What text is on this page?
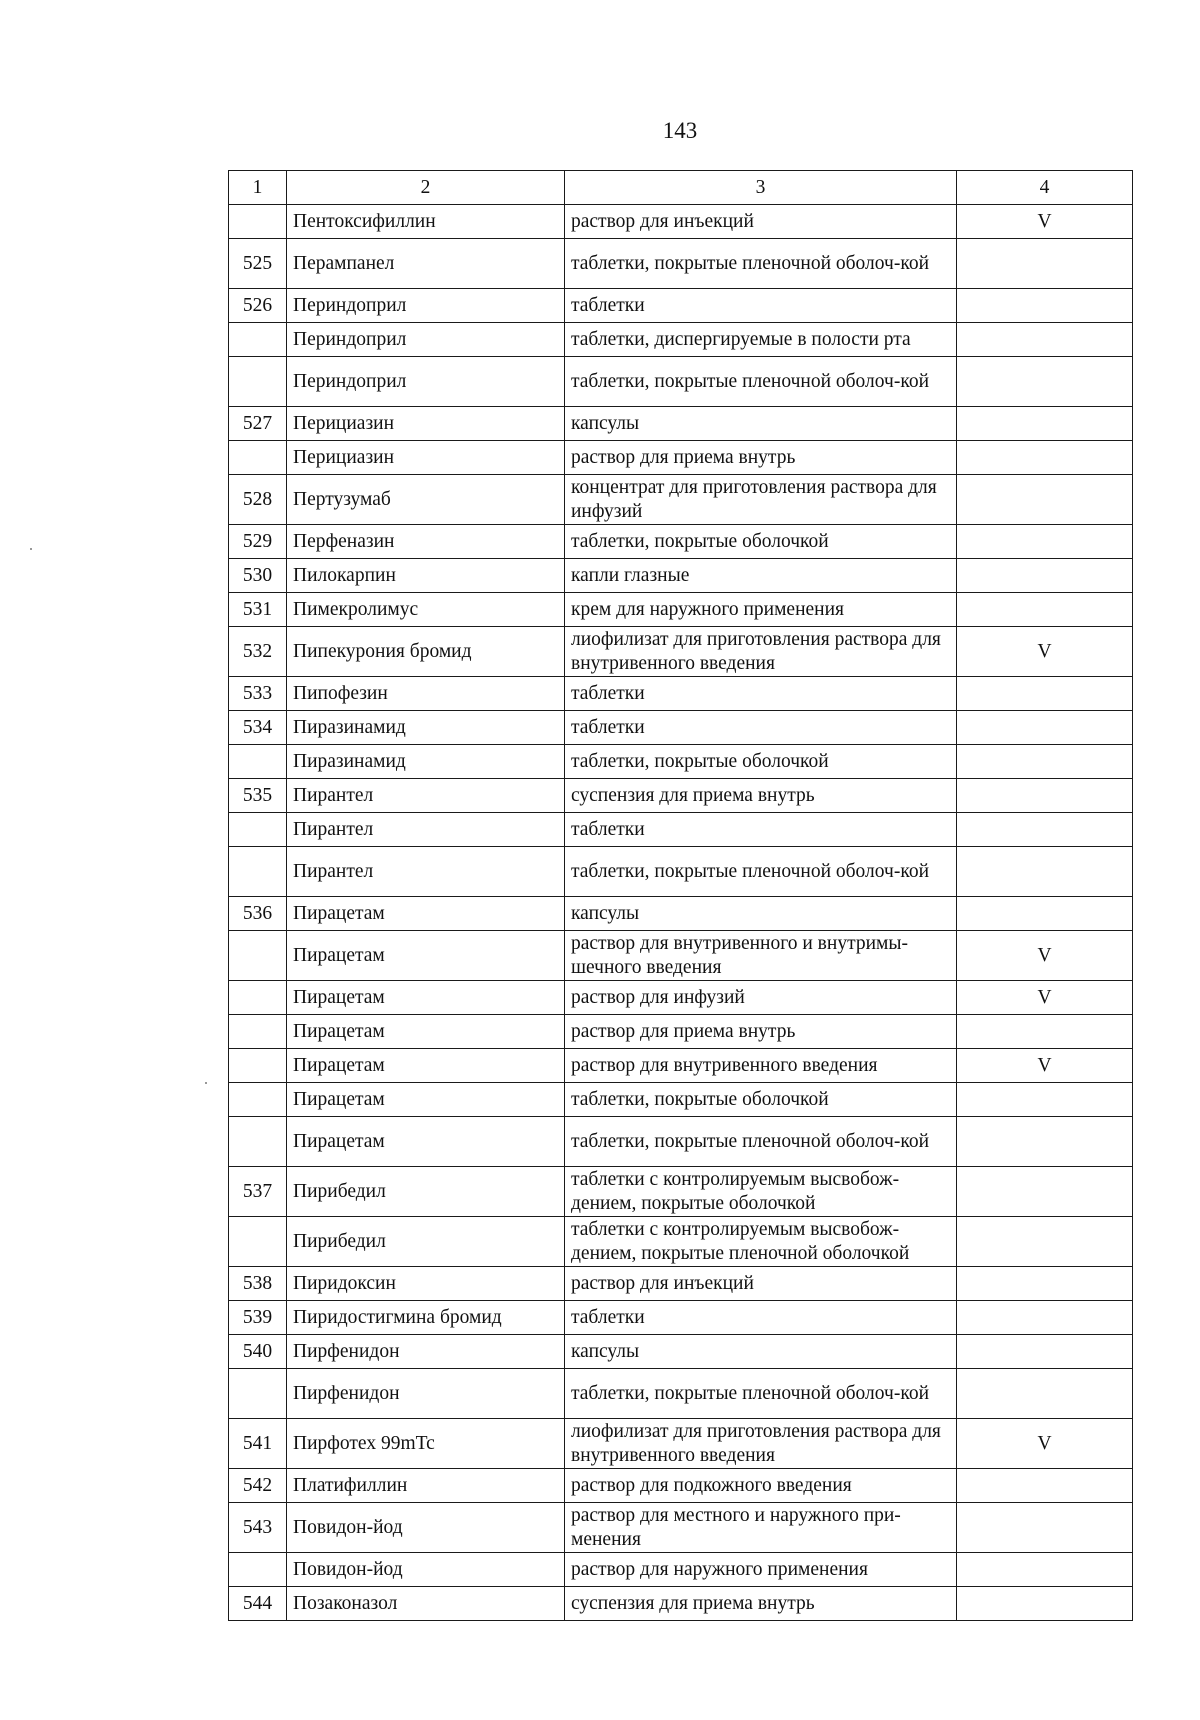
143
1	2	3	4
	Пентоксифиллин	раствор для инъекций	V
525	Перампанел	таблетки, покрытые пленочной оболоч-кой	
526	Периндоприл	таблетки	
	Периндоприл	таблетки, диспергируемые в полости рта	
	Периндоприл	таблетки, покрытые пленочной оболоч-кой	
527	Перициазин	капсулы	
	Перициазин	раствор для приема внутрь	
528	Пертузумаб	концентрат для приготовления раствора для инфузий	
529	Перфеназин	таблетки, покрытые оболочкой	
530	Пилокарпин	капли глазные	
531	Пимекролимус	крем для наружного применения	
532	Пипекурония бромид	лиофилизат для приготовления раствора для внутривенного введения	V
533	Пипофезин	таблетки	
534	Пиразинамид	таблетки	
	Пиразинамид	таблетки, покрытые оболочкой	
535	Пирантел	суспензия для приема внутрь	
	Пирантел	таблетки	
	Пирантел	таблетки, покрытые пленочной оболоч-кой	
536	Пирацетам	капсулы	
	Пирацетам	раствор для внутривенного и внутримы-шечного введения	V
	Пирацетам	раствор для инфузий	V
	Пирацетам	раствор для приема внутрь	
	Пирацетам	раствор для внутривенного введения	V
	Пирацетам	таблетки, покрытые оболочкой	
	Пирацетам	таблетки, покрытые пленочной оболоч-кой	
537	Пирибедил	таблетки с контролируемым высвобож-дением, покрытые оболочкой	
	Пирибедил	таблетки с контролируемым высвобож-дением, покрытые пленочной оболочкой	
538	Пиридоксин	раствор для инъекций	
539	Пиридостигмина бромид	таблетки	
540	Пирфенидон	капсулы	
	Пирфенидон	таблетки, покрытые пленочной оболоч-кой	
541	Пирфотех 99mTc	лиофилизат для приготовления раствора для внутривенного введения	V
542	Платифиллин	раствор для подкожного введения	
543	Повидон-йод	раствор для местного и наружного при-менения	
	Повидон-йод	раствор для наружного применения	
544	Позаконазол	суспензия для приема внутрь	
